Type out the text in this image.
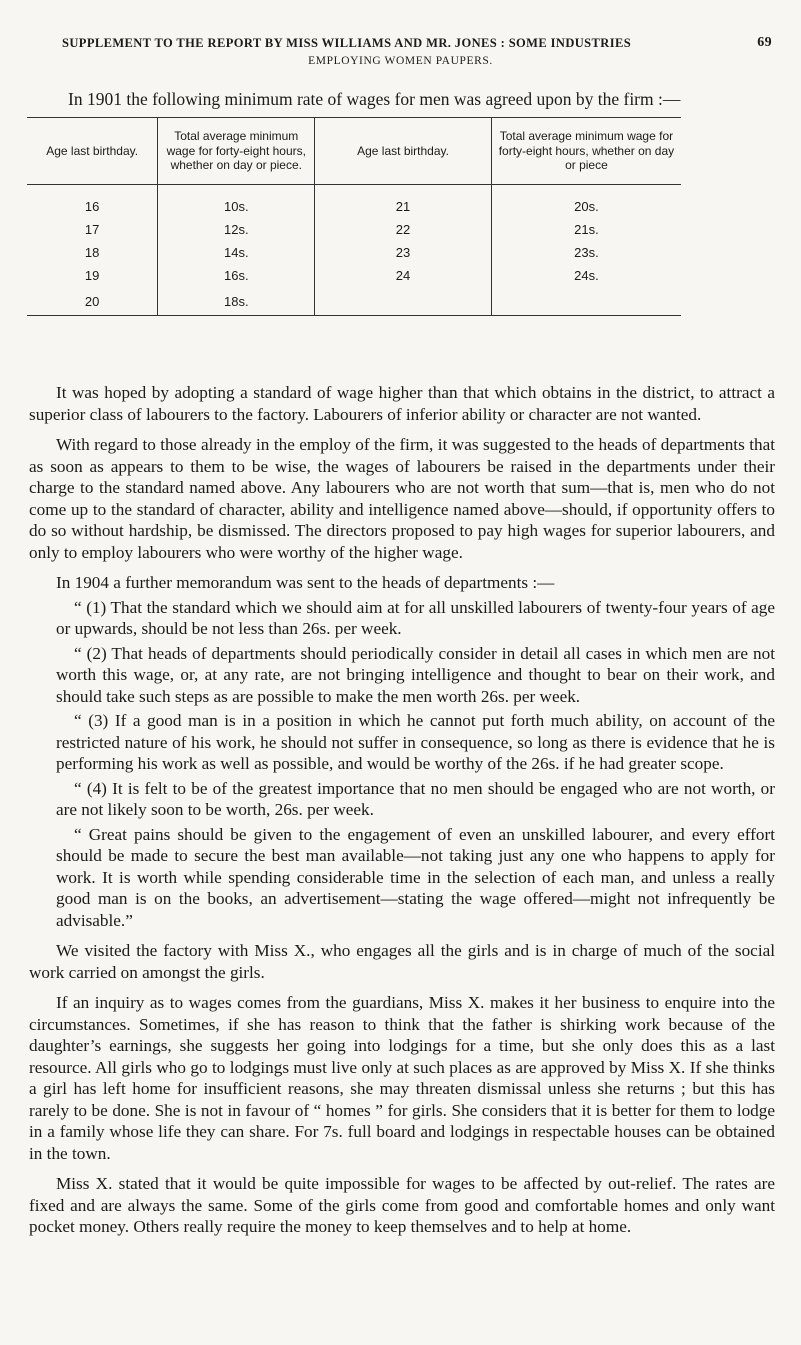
SUPPLEMENT TO THE REPORT BY MISS WILLIAMS AND MR. JONES : SOME INDUSTRIES	69
EMPLOYING WOMEN PAUPERS.
In 1901 the following minimum rate of wages for men was agreed upon by the firm :—
Age last birthday.	Total average minimum wage for forty-eight hours, whether on day or piece.	Age last birthday.	Total average minimum wage for forty-eight hours, whether on day or piece
16	10s.	21	20s.
17	12s.	22	21s.
18	14s.	23	23s.
19	16s.	24	24s.
20	18s.		

It was hoped by adopting a standard of wage higher than that which obtains in the district, to attract a superior class of labourers to the factory. Labourers of inferior ability or character are not wanted.

With regard to those already in the employ of the firm, it was suggested to the heads of departments that as soon as appears to them to be wise, the wages of labourers be raised in the departments under their charge to the standard named above. Any labourers who are not worth that sum—that is, men who do not come up to the standard of character, ability and intelligence named above—should, if opportunity offers to do so without hardship, be dismissed. The directors proposed to pay high wages for superior labourers, and only to employ labourers who were worthy of the higher wage.

In 1904 a further memorandum was sent to the heads of departments :—

“ (1) That the standard which we should aim at for all unskilled labourers of twenty-four years of age or upwards, should be not less than 26s. per week.

“ (2) That heads of departments should periodically consider in detail all cases in which men are not worth this wage, or, at any rate, are not bringing intelligence and thought to bear on their work, and should take such steps as are possible to make the men worth 26s. per week.

“ (3) If a good man is in a position in which he cannot put forth much ability, on account of the restricted nature of his work, he should not suffer in consequence, so long as there is evidence that he is performing his work as well as possible, and would be worthy of the 26s. if he had greater scope.

“ (4) It is felt to be of the greatest importance that no men should be engaged who are not worth, or are not likely soon to be worth, 26s. per week.

“ Great pains should be given to the engagement of even an unskilled labourer, and every effort should be made to secure the best man available—not taking just any one who happens to apply for work. It is worth while spending considerable time in the selection of each man, and unless a really good man is on the books, an advertisement—stating the wage offered—might not infrequently be advisable.”

We visited the factory with Miss X., who engages all the girls and is in charge of much of the social work carried on amongst the girls.

If an inquiry as to wages comes from the guardians, Miss X. makes it her business to enquire into the circumstances. Sometimes, if she has reason to think that the father is shirking work because of the daughter’s earnings, she suggests her going into lodgings for a time, but she only does this as a last resource. All girls who go to lodgings must live only at such places as are approved by Miss X. If she thinks a girl has left home for insufficient reasons, she may threaten dismissal unless she returns ; but this has rarely to be done. She is not in favour of “ homes ” for girls. She considers that it is better for them to lodge in a family whose life they can share. For 7s. full board and lodgings in respectable houses can be obtained in the town.

Miss X. stated that it would be quite impossible for wages to be affected by out-relief. The rates are fixed and are always the same. Some of the girls come from good and comfortable homes and only want pocket money. Others really require the money to keep themselves and to help at home.
